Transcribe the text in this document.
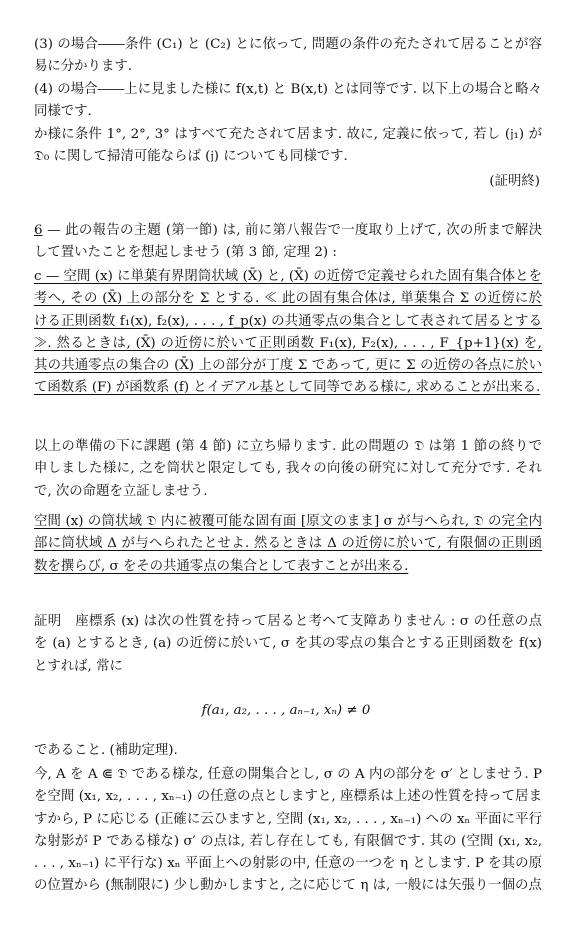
(3) の場合――条件 (C₁) と (C₂) とに依って, 問題の条件の充たされて居ることが容易に分かります.
(4) の場合――上に見ました様に f(x,t) と B(x,t) とは同等です. 以下上の場合と略々同様です.
か様に条件 1°, 2°, 3° はすべて充たされて居ます. 故に, 定義に依って, 若し (𝔧₁) が 𝔇₀ に関して掃清可能ならば (𝔧) についても同様です.
(証明終)
6 — 此の報告の主題 (第一節) は, 前に第八報告で一度取り上げて, 次の所まで解決して置いたことを想起しませう (第 3 節, 定理 2) :
c — 空間 (x) に単葉有界閉筒状域 (X̄) と, (X̄) の近傍で定義せられた固有集合体とを考へ, その (X̄) 上の部分を Σ とする. ≪ 此の固有集合体は, 単葉集合 Σ の近傍に於ける正則函数 f₁(x), f₂(x), . . . , f_p(x) の共通零点の集合として表されて居るとする ≫. 然るときは, (X̄) の近傍に於いて正則函数 F₁(x), F₂(x), . . . , F_{p+1}(x) を, 其の共通零点の集合の (X̄) 上の部分が丁度 Σ であって, 更に Σ の近傍の各点に於いて函数系 (F) が函数系 (f) とイデアル基として同等である様に, 求めることが出来る.
以上の準備の下に課題 (第 4 節) に立ち帰ります. 此の問題の 𝔇 は第 1 節の終りで申しました様に, 之を筒状と限定しても, 我々の向後の研究に対して充分です. それで, 次の命題を立証しませう.
空間 (x) の筒状域 𝔇 内に被覆可能な固有面 [原文のまま] σ が与へられ, 𝔇 の完全内部に筒状域 Δ が与へられたとせよ. 然るときは Δ の近傍に於いて, 有限個の正則函数を撰らび, σ をその共通零点の集合として表すことが出来る.
証明　座標系 (x) は次の性質を持って居ると考へて支障ありません : σ の任意の点を (a) とするとき, (a) の近傍に於いて, σ を其の零点の集合とする正則函数を f(x) とすれば, 常に
f(a₁, a₂, . . . , aₙ₋₁, xₙ) ≠ 0
であること. (補助定理).
今, A を A ⋐ 𝔇 である様な, 任意の開集合とし, σ の A 内の部分を σ′ としませう. P を空間 (x₁, x₂, . . . , xₙ₋₁) の任意の点としますと, 座標系は上述の性質を持って居ますから, P に応じる (正確に云ひますと, 空間 (x₁, x₂, . . . , xₙ₋₁) への xₙ 平面に平行な射影が P である様な) σ′ の点は, 若し存在しても, 有限個です. 其の (空間 (x₁, x₂, . . . , xₙ₋₁) に平行な) xₙ 平面上への射影の中, 任意の一つを η とします. P を其の原の位置から (無制限に) 少し動かしますと, 之に応じて η は, 一般には矢張り一個の点
